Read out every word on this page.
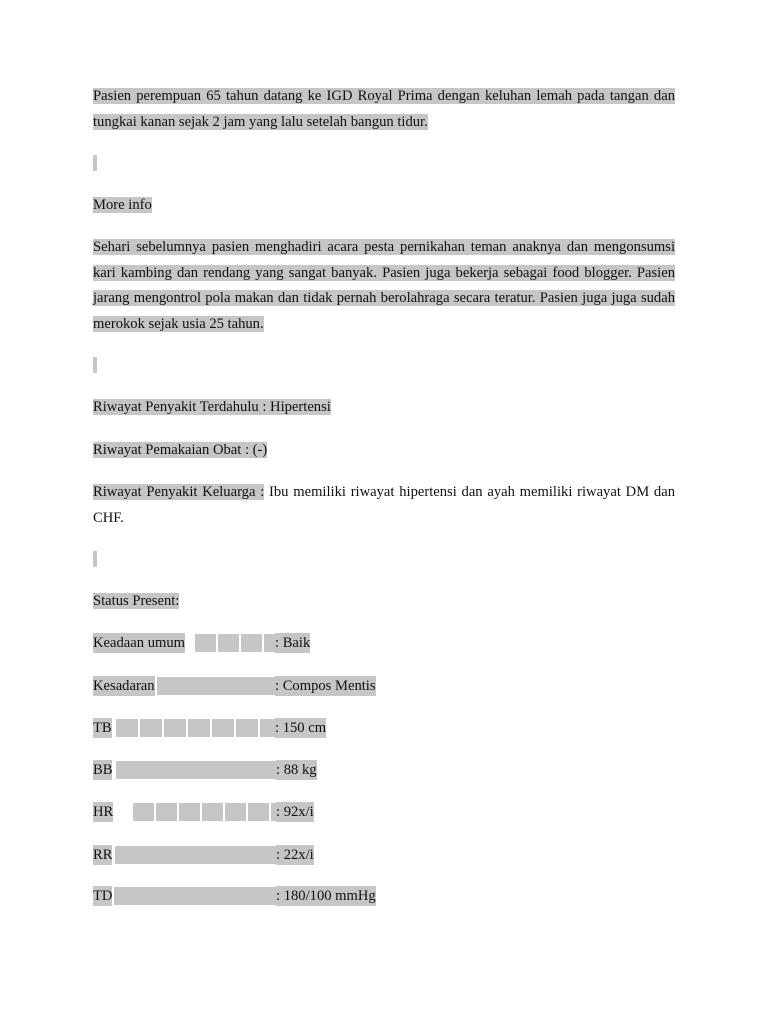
Pasien perempuan 65 tahun datang ke IGD Royal Prima dengan keluhan lemah pada tangan dan tungkai kanan sejak 2 jam yang lalu setelah bangun tidur.

More info

Sehari sebelumnya pasien menghadiri acara pesta pernikahan teman anaknya dan mengonsumsi kari kambing dan rendang yang sangat banyak. Pasien juga bekerja sebagai food blogger. Pasien jarang mengontrol pola makan dan tidak pernah berolahraga secara teratur. Pasien juga juga sudah merokok sejak usia 25 tahun.

Riwayat Penyakit Terdahulu : Hipertensi
Riwayat Pemakaian Obat : (-)

Riwayat Penyakit Keluarga : Ibu memiliki riwayat hipertensi dan ayah memiliki riwayat DM dan CHF.

Status Present:
Keadaan umum	: Baik
Kesadaran	: Compos Mentis
TB	: 150 cm
BB	: 88 kg
HR	: 92x/i
RR	: 22x/i
TD	: 180/100 mmHg
